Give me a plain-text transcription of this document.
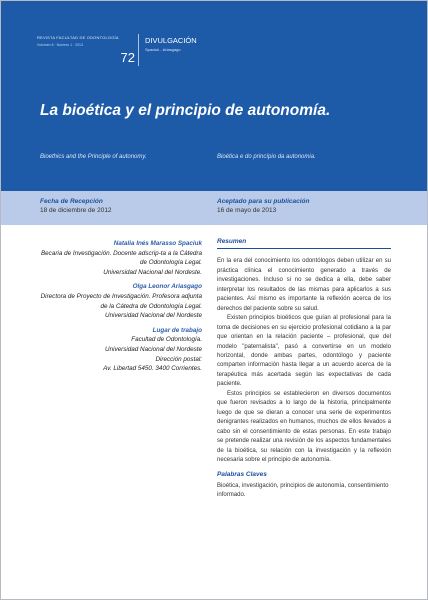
REVISTA FACULTAD DE ODONTOLOGÍA
Volumen 6 · Número 1 · 2013
72
DIVULGACIÓN
Spaciuk - Ariasgago
La bioética y el principio de autonomía.
Bioethics and the Principle of autonomy.	Bioética e do princípio da autonomia.
Fecha de Recepción
18 de diciembre de 2012
Aceptado para su publicación
16 de mayo de 2013
Natalia Inés Marasso Spaciuk
Becaria de Investigación. Docente adscrip-ta a la Cátedra de Odontología Legal.
Universidad Nacional del Nordeste.
Olga Leonor Ariasgago
Directora de Proyecto de Investigación. Profesora adjunta de la Cátedra de Odontología Legal.
Universidad Nacional del Nordeste
Lugar de trabajo
Facultad de Odontología.
Universidad Nacional del Nordeste
Dirección postal:
Av. Libertad 5450. 3400 Corrientes.
Resumen

En la era del conocimiento los odontólogos deben utilizar en su práctica clínica el conocimiento generado a través de investigaciones. Incluso si no se dedica a ella, debe saber interpretar los resultados de las mismas para aplicarlos a sus pacientes. Así mismo es importante la reflexión acerca de los derechos del paciente sobre su salud.

Existen principios bioéticos que guían al profesional para la toma de decisiones en su ejercicio profesional cotidiano a la par que orientan en la relación paciente – profesional, que del modelo "paternalista", pasó a convertirse en un modelo horizontal, donde ambas partes, odontólogo y paciente comparten información hasta llegar a un acuerdo acerca de la terapéutica más acertada según las expectativas de cada paciente.

Estos principios se establecieron en diversos documentos que fueron revisados a lo largo de la historia, principalmente luego de que se dieran a conocer una serie de experimentos denigrantes realizados en humanos, muchos de ellos llevados a cabo sin el consentimiento de estas personas. En este trabajo se pretende realizar una revisión de los aspectos fundamentales de la bioética, su relación con la investigación y la reflexión necesaria sobre el principio de autonomía.

Palabras Claves
Bioética, investigación, principios de autonomía, consentimiento informado.
